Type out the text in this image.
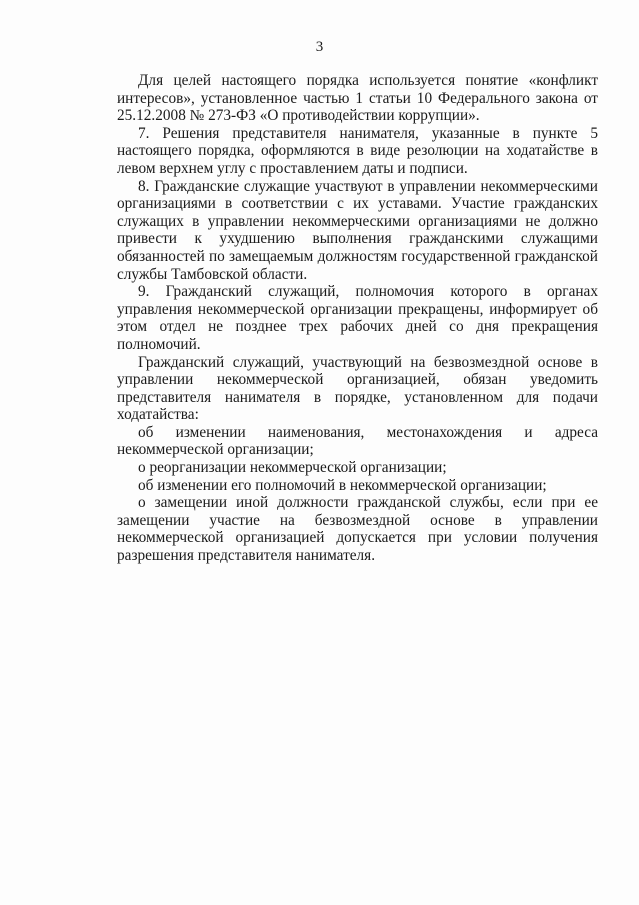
3

Для целей настоящего порядка используется понятие «конфликт интересов», установленное частью 1 статьи 10 Федерального закона от 25.12.2008 № 273-ФЗ «О противодействии коррупции».

7. Решения представителя нанимателя, указанные в пункте 5 настоящего порядка, оформляются в виде резолюции на ходатайстве в левом верхнем углу с проставлением даты и подписи.

8. Гражданские служащие участвуют в управлении некоммерческими организациями в соответствии с их уставами. Участие гражданских служащих в управлении некоммерческими организациями не должно привести к ухудшению выполнения гражданскими служащими обязанностей по замещаемым должностям государственной гражданской службы Тамбовской области.

9. Гражданский служащий, полномочия которого в органах управления некоммерческой организации прекращены, информирует об этом отдел не позднее трех рабочих дней со дня прекращения полномочий.

Гражданский служащий, участвующий на безвозмездной основе в управлении некоммерческой организацией, обязан уведомить представителя нанимателя в порядке, установленном для подачи ходатайства:

об изменении наименования, местонахождения и адреса некоммерческой организации;

о реорганизации некоммерческой организации;

об изменении его полномочий в некоммерческой организации;

о замещении иной должности гражданской службы, если при ее замещении участие на безвозмездной основе в управлении некоммерческой организацией допускается при условии получения разрешения представителя нанимателя.
